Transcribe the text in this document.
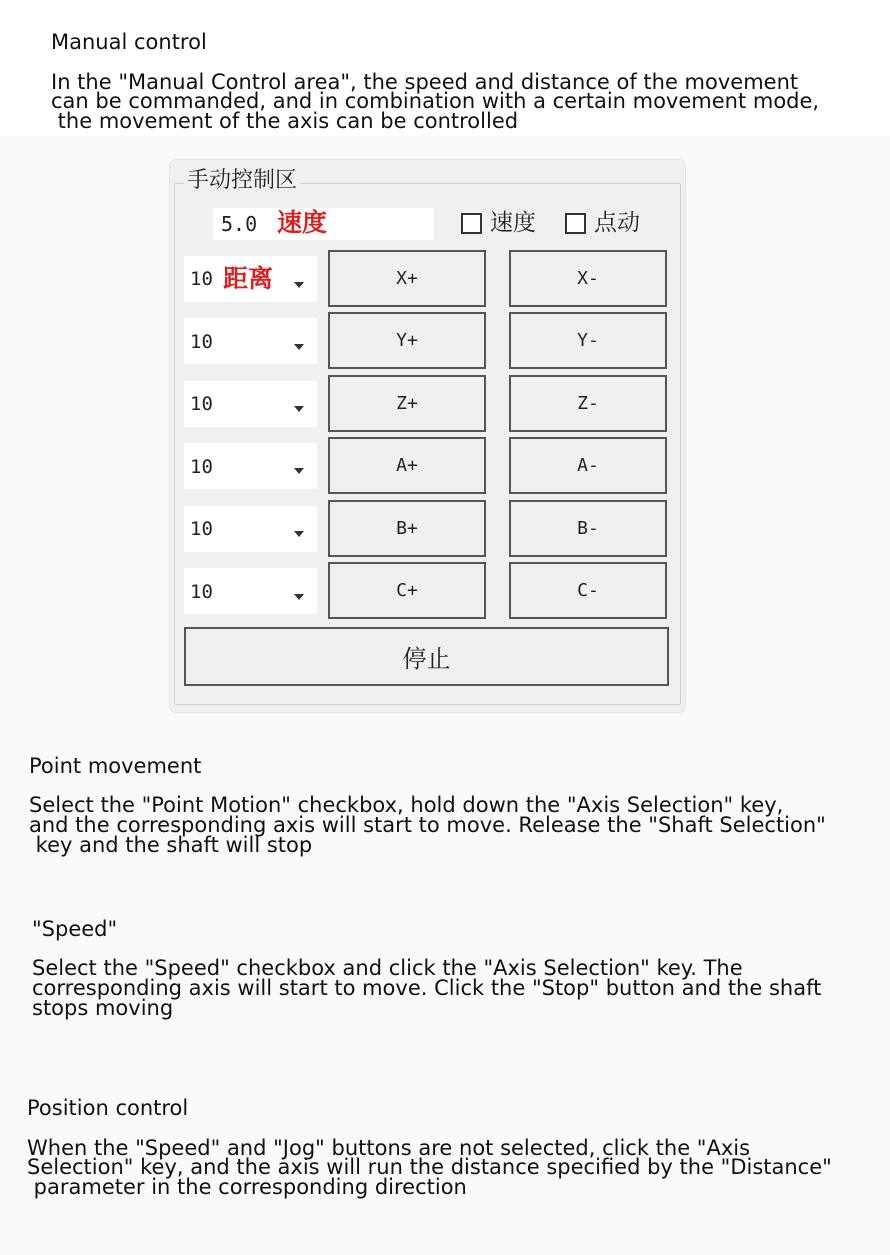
Manual control
In the "Manual Control area", the speed and distance of the movement
can be commanded, and in combination with a certain movement mode,
the movement of the axis can be controlled
手动控制区
5.0 速度	速度	点动
10 距离	X+	X-
10	Y+	Y-
10	Z+	Z-
10	A+	A-
10	B+	B-
10	C+	C-
停止
Point movement
Select the "Point Motion" checkbox, hold down the "Axis Selection" key,
and the corresponding axis will start to move. Release the "Shaft Selection"
key and the shaft will stop
"Speed"
Select the "Speed" checkbox and click the "Axis Selection" key. The
corresponding axis will start to move. Click the "Stop" button and the shaft
stops moving
Position control
When the "Speed" and "Jog" buttons are not selected, click the "Axis
Selection" key, and the axis will run the distance specified by the "Distance"
parameter in the corresponding direction
